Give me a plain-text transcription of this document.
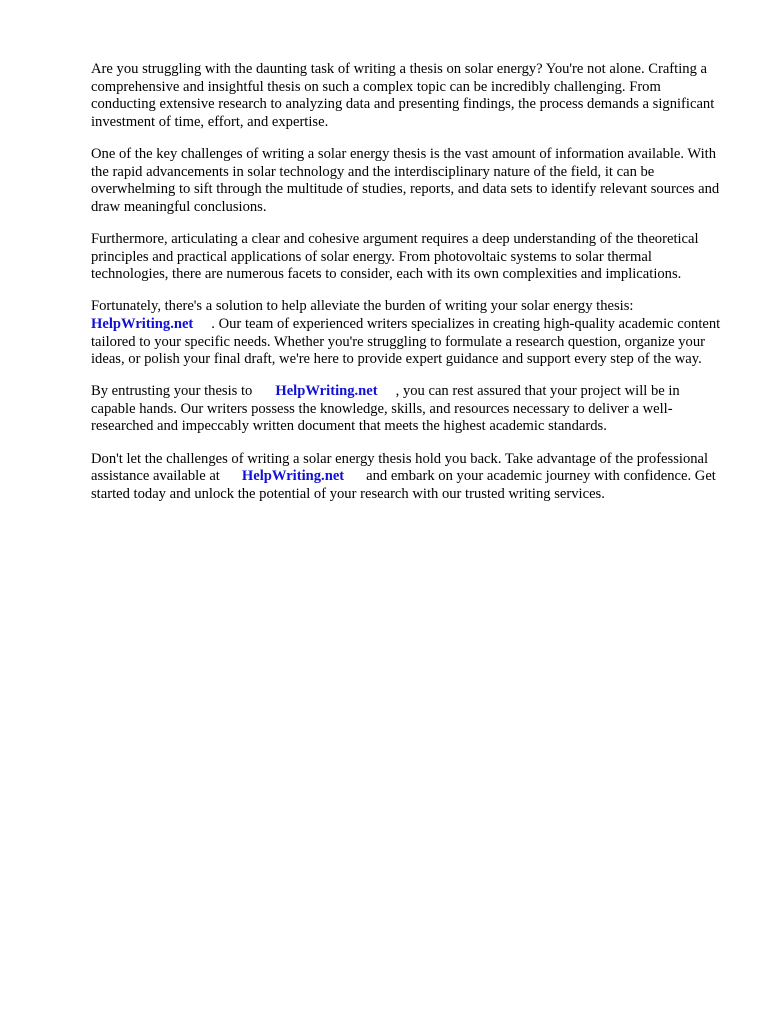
Are you struggling with the daunting task of writing a thesis on solar energy? You're not alone. Crafting a comprehensive and insightful thesis on such a complex topic can be incredibly challenging. From conducting extensive research to analyzing data and presenting findings, the process demands a significant investment of time, effort, and expertise.

One of the key challenges of writing a solar energy thesis is the vast amount of information available. With the rapid advancements in solar technology and the interdisciplinary nature of the field, it can be overwhelming to sift through the multitude of studies, reports, and data sets to identify relevant sources and draw meaningful conclusions.

Furthermore, articulating a clear and cohesive argument requires a deep understanding of the theoretical principles and practical applications of solar energy. From photovoltaic systems to solar thermal technologies, there are numerous facets to consider, each with its own complexities and implications.

Fortunately, there's a solution to help alleviate the burden of writing your solar energy thesis:
HelpWriting.net . Our team of experienced writers specializes in creating high-quality academic content tailored to your specific needs. Whether you're struggling to formulate a research question, organize your ideas, or polish your final draft, we're here to provide expert guidance and support every step of the way.

By entrusting your thesis to HelpWriting.net , you can rest assured that your project will be in capable hands. Our writers possess the knowledge, skills, and resources necessary to deliver a well-researched and impeccably written document that meets the highest academic standards.

Don't let the challenges of writing a solar energy thesis hold you back. Take advantage of the professional assistance available at HelpWriting.net and embark on your academic journey with confidence. Get started today and unlock the potential of your research with our trusted writing services.
